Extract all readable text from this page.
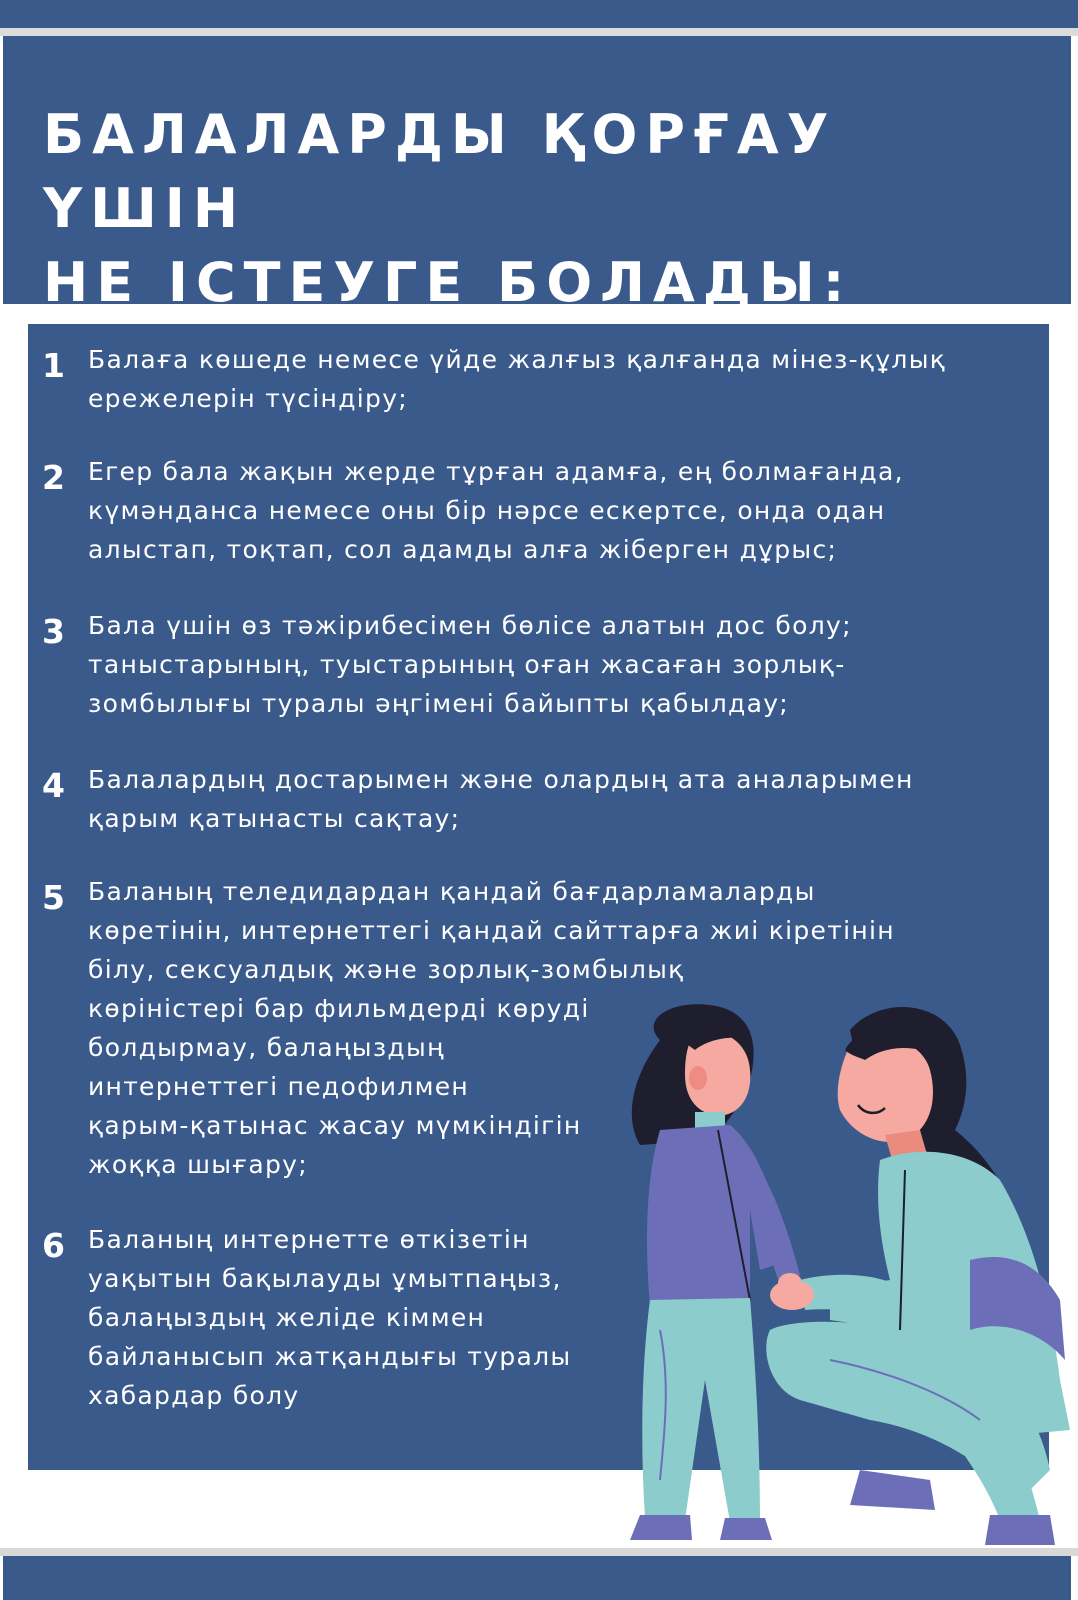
БАЛАЛАРДЫ ҚОРҒАУ ҮШІН
НЕ ІСТЕУГЕ БОЛАДЫ:
1 Балаға көшеде немесе үйде жалғыз қалғанда мінез-құлық
ережелерін түсіндіру;
2 Егер бала жақын жерде тұрған адамға, ең болмағанда,
күмәнданса немесе оны бір нәрсе ескертсе, онда одан
алыстап, тоқтап, сол адамды алға жіберген дұрыс;
3 Бала үшін өз тәжірибесімен бөлісе алатын дос болу;
таныстарының, туыстарының оған жасаған зорлық-
зомбылығы туралы әңгімені байыпты қабылдау;
4 Балалардың достарымен және олардың ата аналарымен
қарым қатынасты сақтау;
5 Баланың теледидардан қандай бағдарламаларды
көретінін, интернеттегі қандай сайттарға жиі кіретінін
білу, сексуалдық және зорлық-зомбылық
көріністері бар фильмдерді көруді
болдырмау, балаңыздың
интернеттегі педофилмен
қарым-қатынас жасау мүмкіндігін
жоққа шығару;
6 Баланың интернетте өткізетін
уақытын бақылауды ұмытпаңыз,
балаңыздың желіде кіммен
байланысып жатқандығы туралы
хабардар болу
